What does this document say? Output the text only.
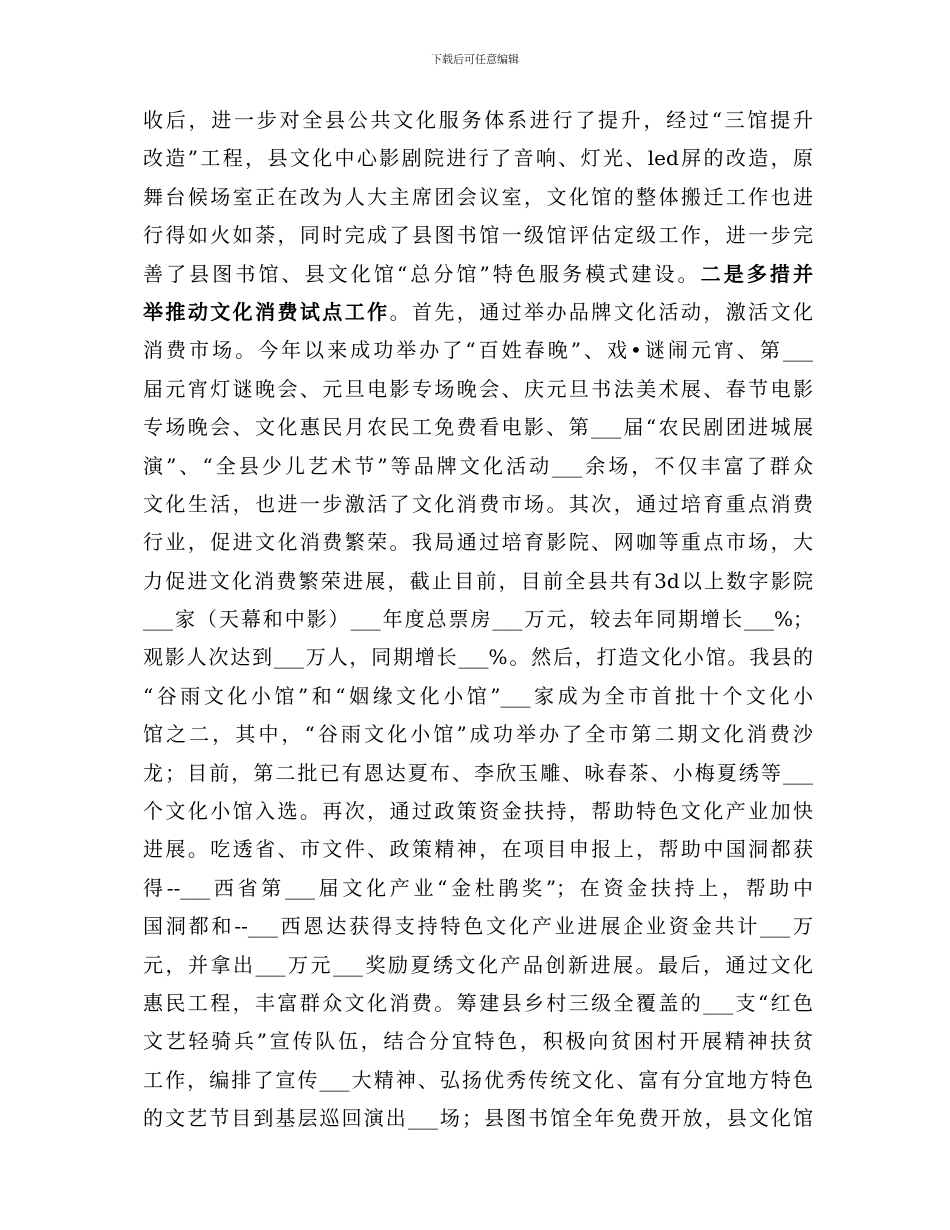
下载后可任意编辑
收后，进一步对全县公共文化服务体系进行了提升，经过“三馆提升
改造”工程，县文化中心影剧院进行了音响、灯光、led屏的改造，原
舞台候场室正在改为人大主席团会议室，文化馆的整体搬迁工作也进
行得如火如荼，同时完成了县图书馆一级馆评估定级工作，进一步完
善了县图书馆、县文化馆“总分馆”特色服务模式建设。二是多措并
举推动文化消费试点工作。首先，通过举办品牌文化活动，激活文化
消费市场。今年以来成功举办了“百姓春晚”、戏•谜闹元宵、第___
届元宵灯谜晚会、元旦电影专场晚会、庆元旦书法美术展、春节电影
专场晚会、文化惠民月农民工免费看电影、第___届“农民剧团进城展
演”、“全县少儿艺术节”等品牌文化活动___余场，不仅丰富了群众
文化生活，也进一步激活了文化消费市场。其次，通过培育重点消费
行业，促进文化消费繁荣。我局通过培育影院、网咖等重点市场，大
力促进文化消费繁荣进展，截止目前，目前全县共有3d以上数字影院
___家（天幕和中影）___年度总票房___万元，较去年同期增长___%；
观影人次达到___万人，同期增长___%。然后，打造文化小馆。我县的
“谷雨文化小馆”和“姻缘文化小馆”___家成为全市首批十个文化小
馆之二，其中，“谷雨文化小馆”成功举办了全市第二期文化消费沙
龙；目前，第二批已有恩达夏布、李欣玉雕、咏春茶、小梅夏绣等___
个文化小馆入选。再次，通过政策资金扶持，帮助特色文化产业加快
进展。吃透省、市文件、政策精神，在项目申报上，帮助中国洞都获
得--___西省第___届文化产业“金杜鹃奖”；在资金扶持上，帮助中
国洞都和--___西恩达获得支持特色文化产业进展企业资金共计___万
元，并拿出___万元___奖励夏绣文化产品创新进展。最后，通过文化
惠民工程，丰富群众文化消费。筹建县乡村三级全覆盖的___支“红色
文艺轻骑兵”宣传队伍，结合分宜特色，积极向贫困村开展精神扶贫
工作，编排了宣传___大精神、弘扬优秀传统文化、富有分宜地方特色
的文艺节目到基层巡回演出___场；县图书馆全年免费开放，县文化馆
